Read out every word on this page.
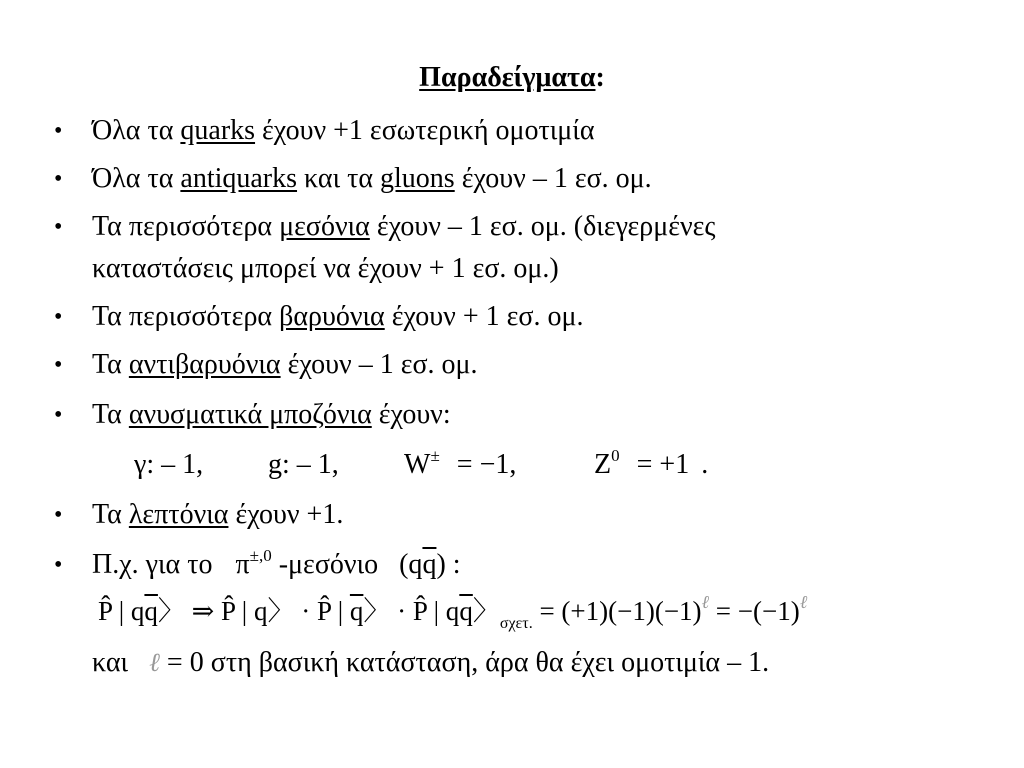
Παραδείγματα:
• Όλα τα quarks έχουν +1 εσωτερική ομοτιμία
• Όλα τα antiquarks και τα gluons έχουν – 1 εσ. ομ.
• Τα περισσότερα μεσόνια έχουν – 1 εσ. ομ. (διεγερμένες
καταστάσεις μπορεί να έχουν + 1 εσ. ομ.)
• Τα περισσότερα βαρυόνια έχουν + 1 εσ. ομ.
• Τα αντιβαρυόνια έχουν – 1 εσ. ομ.
• Τα ανυσματικά μποζόνια έχουν:
γ: – 1, g: – 1, W± = −1,	$Z^0 = +1$ .
• Τα λεπτόνια έχουν +1.
• Π.χ. για το $\pi^{\pm,0}$ -μεσόνιο $(q\overline{q})$ :
P̂ | $q\overline{q}$〉 ⇒ P̂ | q〉 · P̂ | $\overline{q}$〉 · P̂ | $q\overline{q}$〉$_{\sigma\chi\varepsilon\tau.} = (+1)(-1)(-1)^\ell = -(-1)^\ell$
και ℓ = 0 στη βασική κατάσταση, άρα θα έχει ομοτιμία – 1.
